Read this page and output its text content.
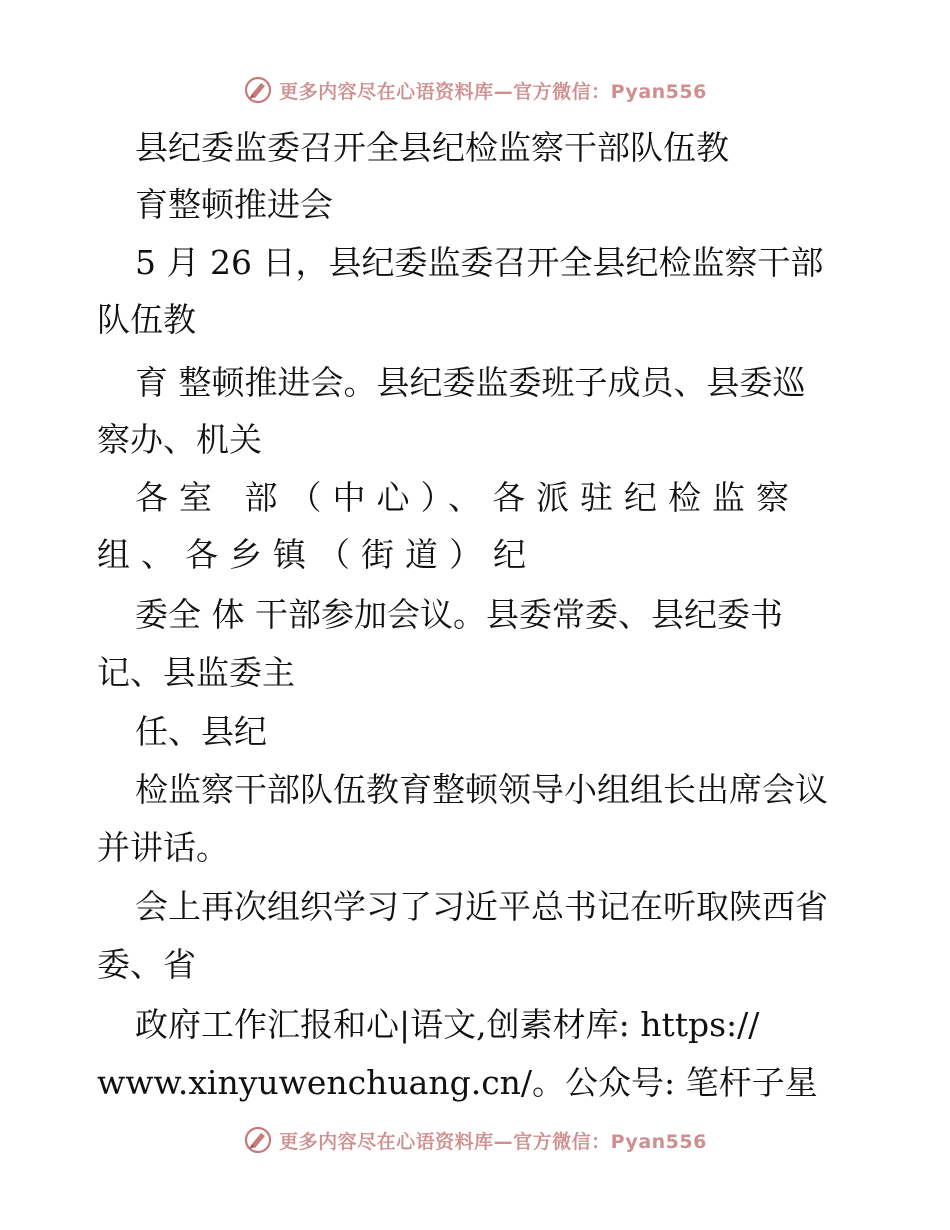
更多内容尽在心语资料库—官方微信：Pyan556
县纪委监委召开全县纪检监察干部队伍教
育整顿推进会
5 月 26 日，县纪委监委召开全县纪检监察干部
队伍教
育 整顿推进会。县纪委监委班子成员、县委巡
察办、机关
各室 部（中心）、各派驻纪检监察
组、各乡镇（街道）纪
委全 体 干部参加会议。县委常委、县纪委书
记、县监委主
任、县纪
检监察干部队伍教育整顿领导小组组长出席会议
并讲话。
会上再次组织学习了习近平总书记在听取陕西省
委、省
政府工作汇报和心|语文,创素材库: https://
www.xinyuwenchuang.cn/。公众号: 笔杆子星
更多内容尽在心语资料库—官方微信：Pyan556
